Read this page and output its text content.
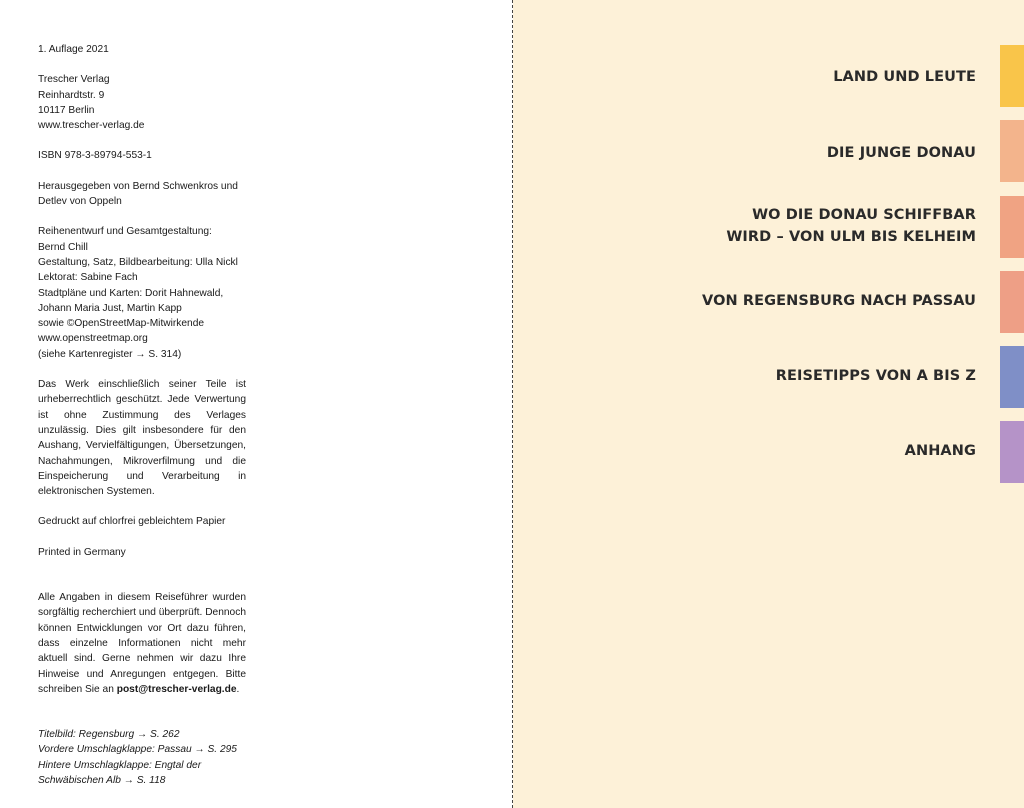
1. Auflage 2021

Trescher Verlag
Reinhardtstr. 9
10117 Berlin
www.trescher-verlag.de

ISBN 978-3-89794-553-1

Herausgegeben von Bernd Schwenkros und
Detlev von Oppeln

Reihenentwurf und Gesamtgestaltung:
Bernd Chill
Gestaltung, Satz, Bildbearbeitung: Ulla Nickl
Lektorat: Sabine Fach
Stadtpläne und Karten: Dorit Hahnewald,
Johann Maria Just, Martin Kapp
sowie ©OpenStreetMap-Mitwirkende
www.openstreetmap.org
(siehe Kartenregister → S. 314)

Das Werk einschließlich seiner Teile ist urheberrechtlich geschützt. Jede Verwertung ist ohne Zustimmung des Verlages unzulässig. Dies gilt insbesondere für den Aushang, Vervielfältigungen, Übersetzungen, Nachahmungen, Mikroverfilmung und die Einspeicherung und Verarbeitung in elektronischen Systemen.

Gedruckt auf chlorfrei gebleichtem Papier

Printed in Germany

Alle Angaben in diesem Reiseführer wurden sorgfältig recherchiert und überprüft. Dennoch können Entwicklungen vor Ort dazu führen, dass einzelne Informationen nicht mehr aktuell sind. Gerne nehmen wir dazu Ihre Hinweise und Anregungen entgegen. Bitte schreiben Sie an post@trescher-verlag.de.

Titelbild: Regensburg → S. 262
Vordere Umschlagklappe: Passau → S. 295
Hintere Umschlagklappe: Engtal der
Schwäbischen Alb → S. 118

LAND UND LEUTE
DIE JUNGE DONAU
WO DIE DONAU SCHIFFBAR
WIRD – VON ULM BIS KELHEIM
VON REGENSBURG NACH PASSAU
REISETIPPS VON A BIS Z
ANHANG
